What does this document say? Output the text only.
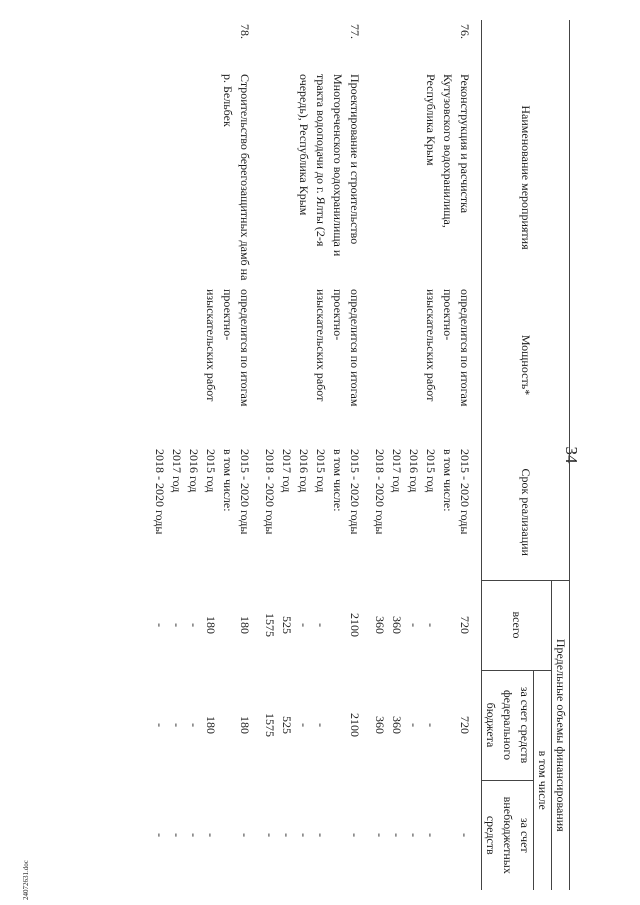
24072631.doc
34
	Наименование мероприятия	Мощность*	Срок реализации	Предельные объемы финансирования		
				всего	в том числе	
					за счет средств федерального бюджета	за счет внебюджетных средств

76.	Реконструкция и расчистка Кутузовского водохранилища, Республика Крым	определится по итогам	2015 - 2020 годы	720	720	-
		проектно-	в том числе:			
		изыскательских работ	2015 год	-	-	-
			2016 год	-	-	-
			2017 год	360	360	-
			2018 - 2020 годы	360	360	-

77.	Проектирование и строительство Многореченского водохранилища и тракта водоподачи до г. Ялты (2-я очередь), Республика Крым	определится по итогам	2015 - 2020 годы	2100	2100	-
		проектно-	в том числе:			
		изыскательских работ	2015 год	-	-	-
			2016 год	-	-	-
			2017 год	525	525	-
			2018 - 2020 годы	1575	1575	-

78.	Строительство берегозащитных дамб на р. Бельбек	определится по итогам	2015 - 2020 годы	180	180	-
		проектно-	в том числе:			
		изыскательских работ	2015 год	180	180	-
			2016 год	-	-	-
			2017 год	-	-	-
			2018 - 2020 годы	-	-	-
